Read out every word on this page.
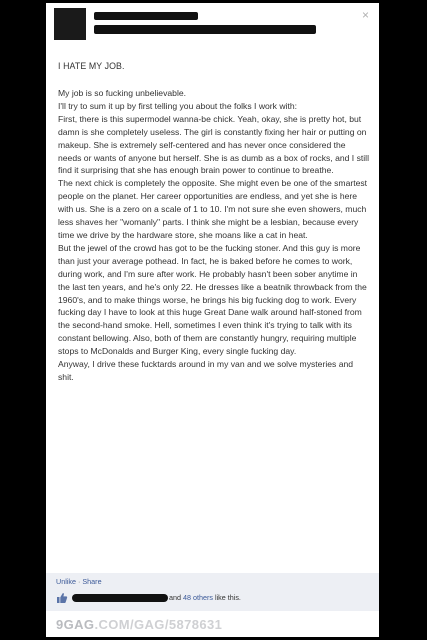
×
I HATE MY JOB.

My job is so fucking unbelievable.

I'll try to sum it up by first telling you about the folks I work with:

First, there is this supermodel wanna-be chick. Yeah, okay, she is pretty hot, but damn is she completely useless. The girl is constantly fixing her hair or putting on makeup. She is extremely self-centered and has never once considered the needs or wants of anyone but herself. She is as dumb as a box of rocks, and I still find it surprising that she has enough brain power to continue to breathe.

The next chick is completely the opposite. She might even be one of the smartest people on the planet. Her career opportunities are endless, and yet she is here with us. She is a zero on a scale of 1 to 10. I'm not sure she even showers, much less shaves her "womanly" parts. I think she might be a lesbian, because every time we drive by the hardware store, she moans like a cat in heat.

But the jewel of the crowd has got to be the fucking stoner. And this guy is more than just your average pothead. In fact, he is baked before he comes to work, during work, and I'm sure after work. He probably hasn't been sober anytime in the last ten years, and he's only 22. He dresses like a beatnik throwback from the 1960's, and to make things worse, he brings his big fucking dog to work. Every fucking day I have to look at this huge Great Dane walk around half-stoned from the second-hand smoke. Hell, sometimes I even think it's trying to talk with its constant bellowing. Also, both of them are constantly hungry, requiring multiple stops to McDonalds and Burger King, every single fucking day.

Anyway, I drive these fucktards around in my van and we solve mysteries and shit.

Unlike · Share
and 48 others like this.
9GAG.COM/GAG/5878631
